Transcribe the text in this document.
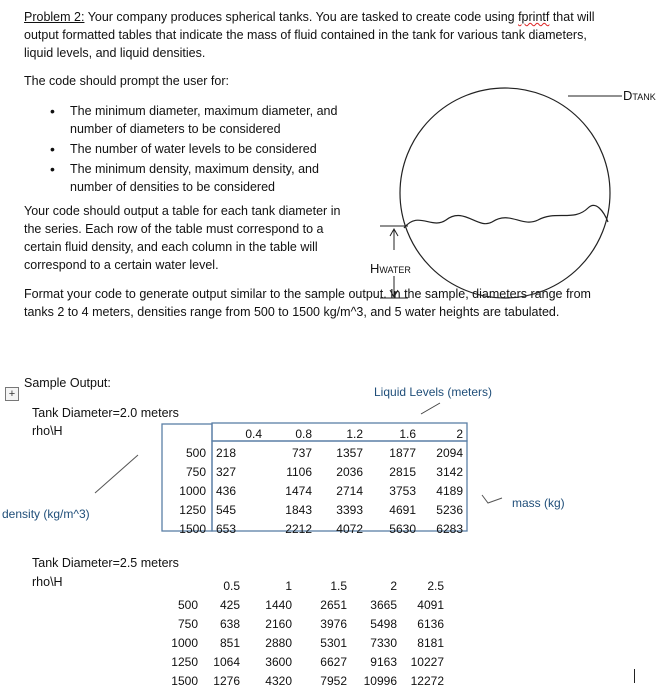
Problem 2: Your company produces spherical tanks. You are tasked to create code using fprintf that will output formatted tables that indicate the mass of fluid contained in the tank for various tank diameters, liquid levels, and liquid densities.
The code should prompt the user for:
• The minimum diameter, maximum diameter, and number of diameters to be considered
• The number of water levels to be considered
• The minimum density, maximum density, and number of densities to be considered
Your code should output a table for each tank diameter in the series. Each row of the table must correspond to a certain fluid density, and each column in the table will correspond to a certain water level.
Format your code to generate output similar to the sample output. In the sample, diameters range from tanks 2 to 4 meters, densities range from 500 to 1500 kg/m^3, and 5 water heights are tabulated.
DTANK
HWATER
+
Sample Output:
Liquid Levels (meters)
density (kg/m^3)
mass (kg)
Tank Diameter=2.0 meters
rho\H
		0.4	0.8	1.2	1.6	2
500	218	737	1357	1877	2094
750	327	1106	2036	2815	3142
1000	436	1474	2714	3753	4189
1250	545	1843	3393	4691	5236
1500	653	2212	4072	5630	6283
Tank Diameter=2.5 meters
rho\H
		0.5	1	1.5	2	2.5
500	425	1440	2651	3665	4091
750	638	2160	3976	5498	6136
1000	851	2880	5301	7330	8181
1250	1064	3600	6627	9163	10227
1500	1276	4320	7952	10996	12272
